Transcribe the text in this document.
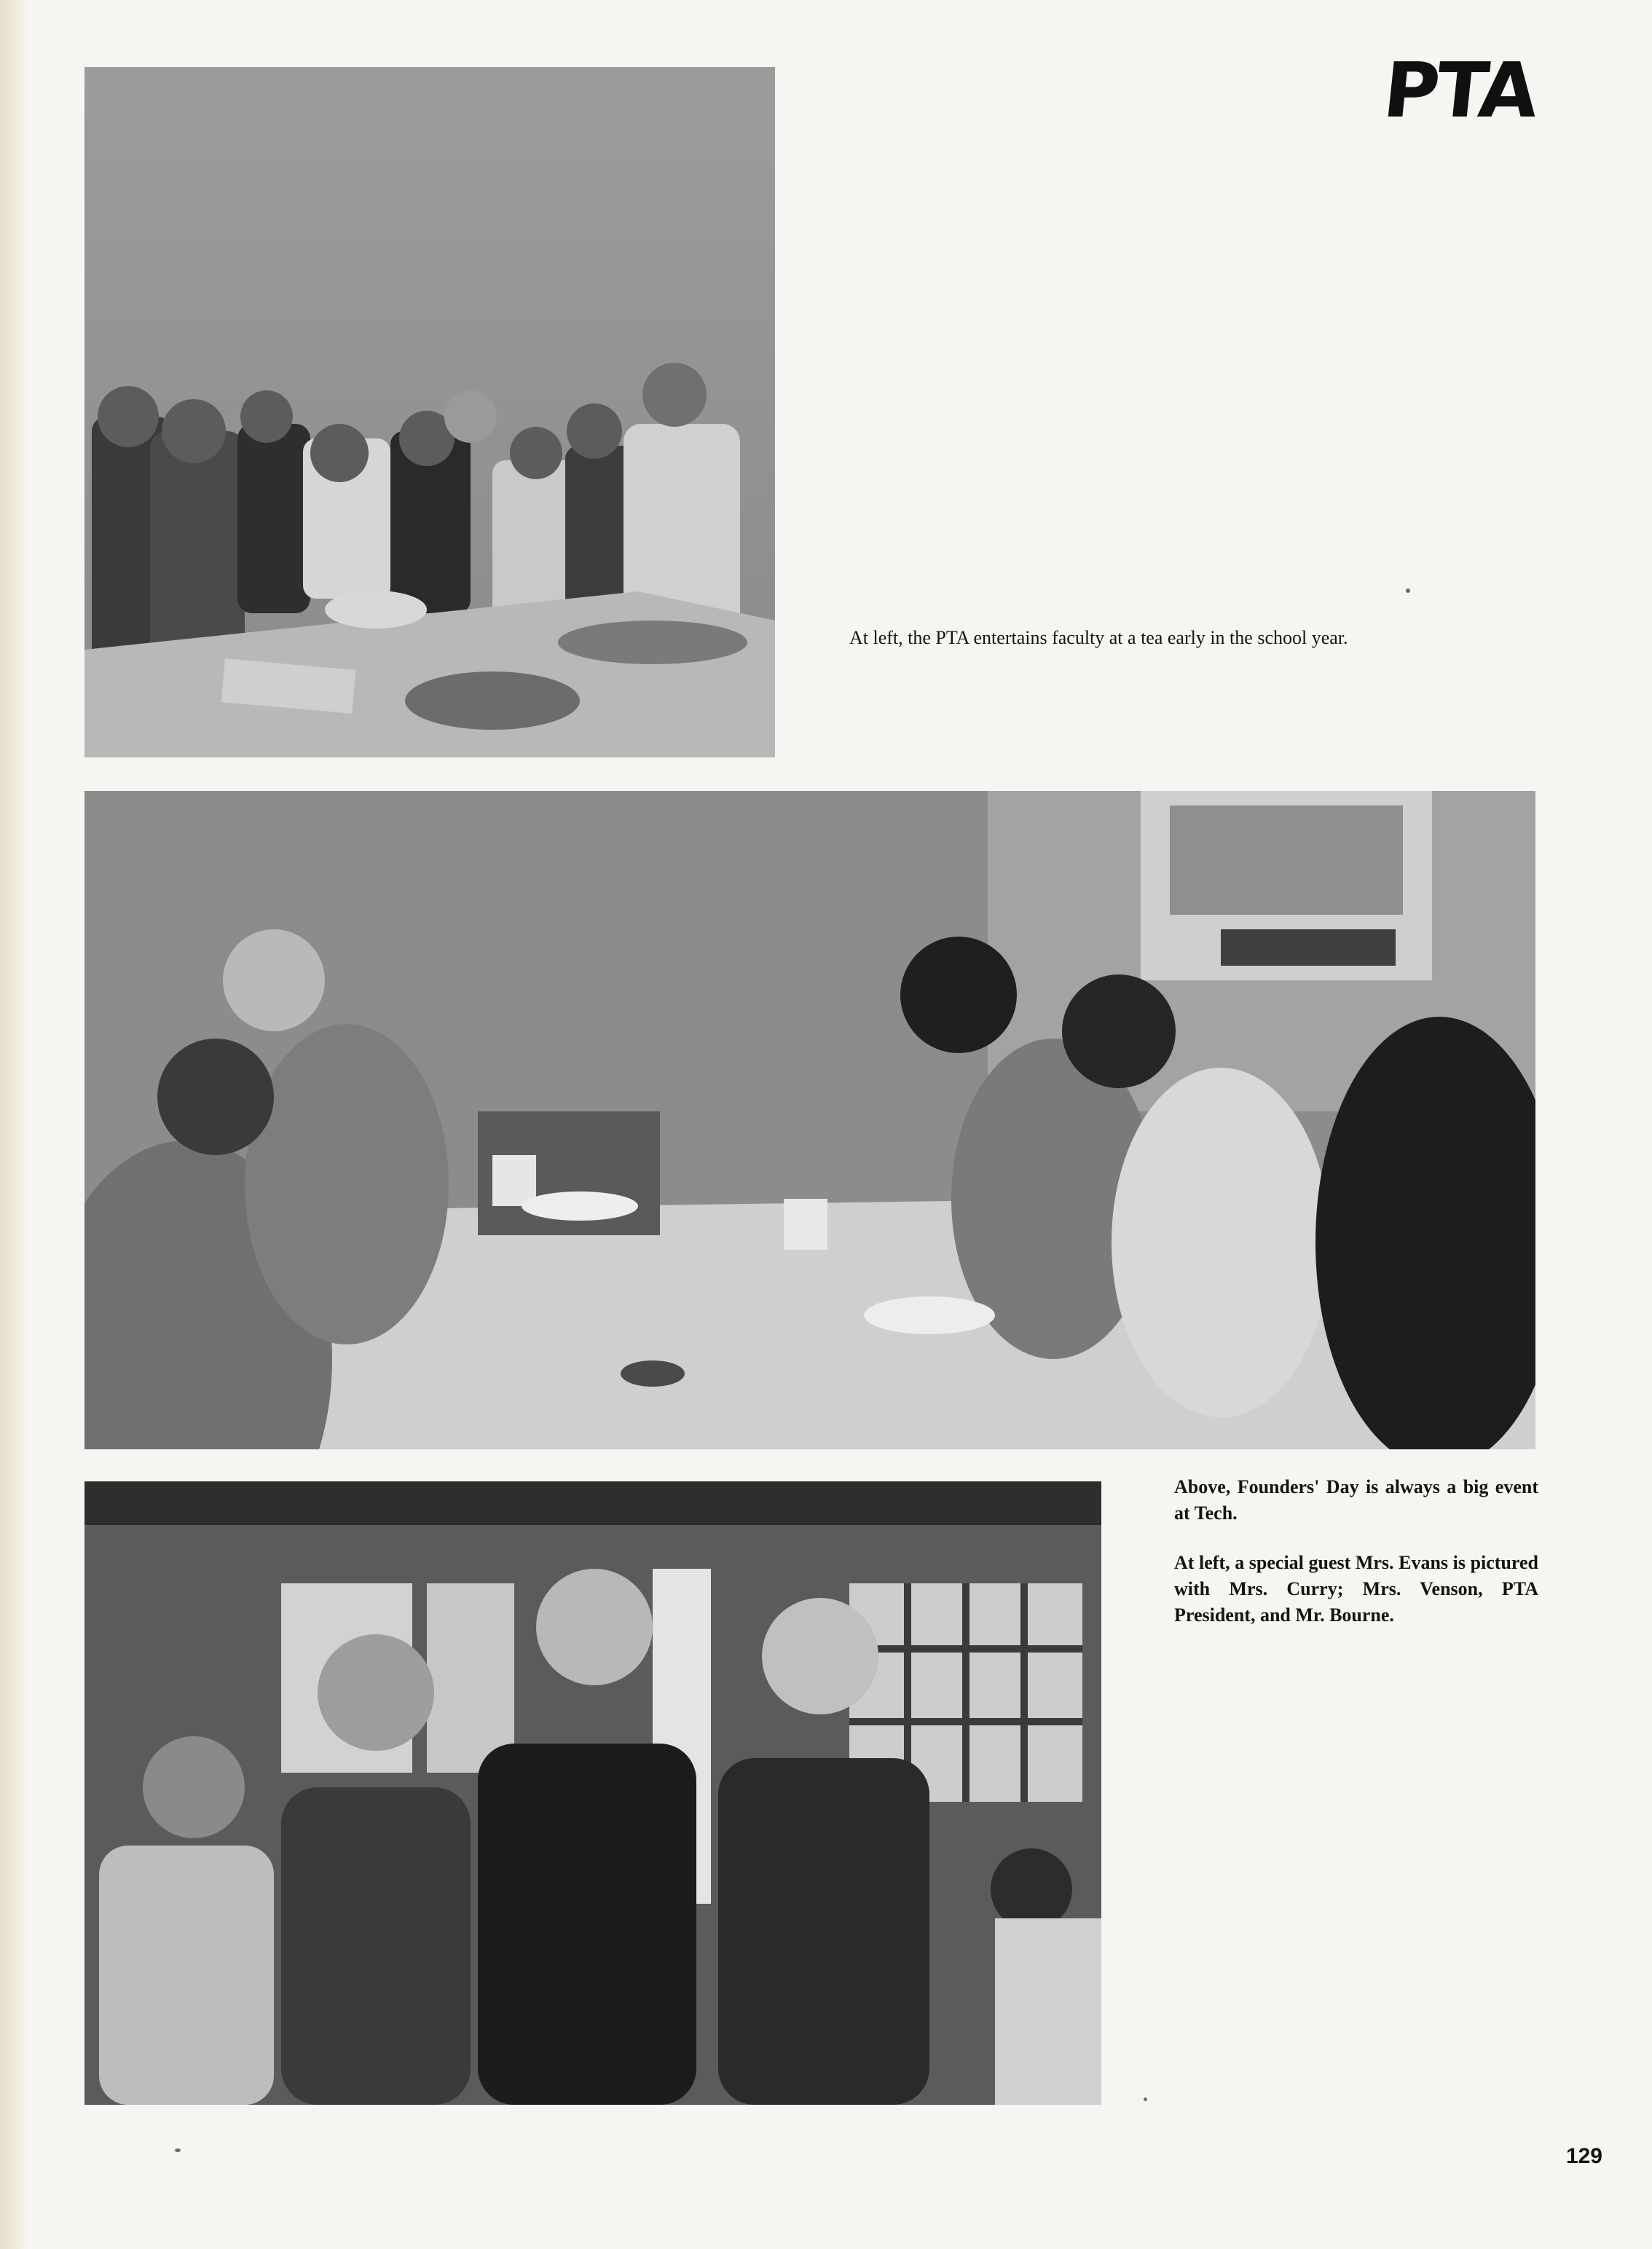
PTA
At left, the PTA entertains faculty at a tea early in the school year.
Above, Founders' Day is always a big event at Tech.
At left, a special guest Mrs. Evans is pictured with Mrs. Curry; Mrs. Venson, PTA President, and Mr. Bourne.
129
